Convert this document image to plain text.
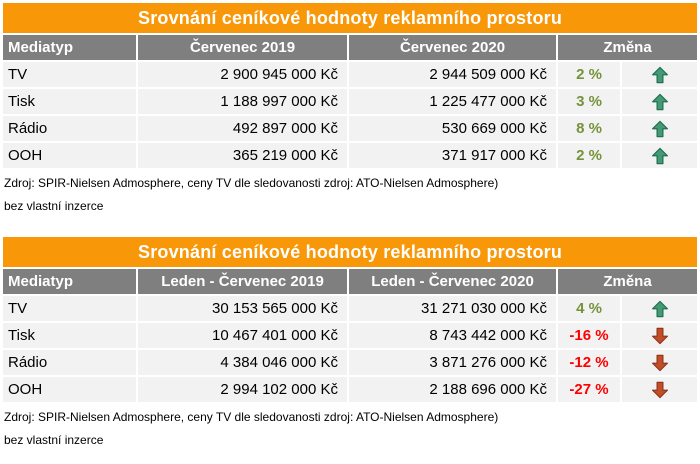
Srovnání ceníkové hodnoty reklamního prostoru				
Mediatyp	Červenec 2019	Červenec 2020	Změna	
TV	2 900 945 000 Kč	2 944 509 000 Kč	2 %	
Tisk	1 188 997 000 Kč	1 225 477 000 Kč	3 %	
Rádio	492 897 000 Kč	530 669 000 Kč	8 %	
OOH	365 219 000 Kč	371 917 000 Kč	2 %	

Zdroj: SPIR-Nielsen Admosphere, ceny TV dle sledovanosti zdroj: ATO-Nielsen Admosphere)

bez vlastní inzerce

Srovnání ceníkové hodnoty reklamního prostoru				
Mediatyp	Leden - Červenec 2019	Leden - Červenec 2020	Změna	
TV	30 153 565 000 Kč	31 271 030 000 Kč	4 %	
Tisk	10 467 401 000 Kč	8 743 442 000 Kč	-16 %	
Rádio	4 384 046 000 Kč	3 871 276 000 Kč	-12 %	
OOH	2 994 102 000 Kč	2 188 696 000 Kč	-27 %	

Zdroj: SPIR-Nielsen Admosphere, ceny TV dle sledovanosti zdroj: ATO-Nielsen Admosphere)

bez vlastní inzerce
